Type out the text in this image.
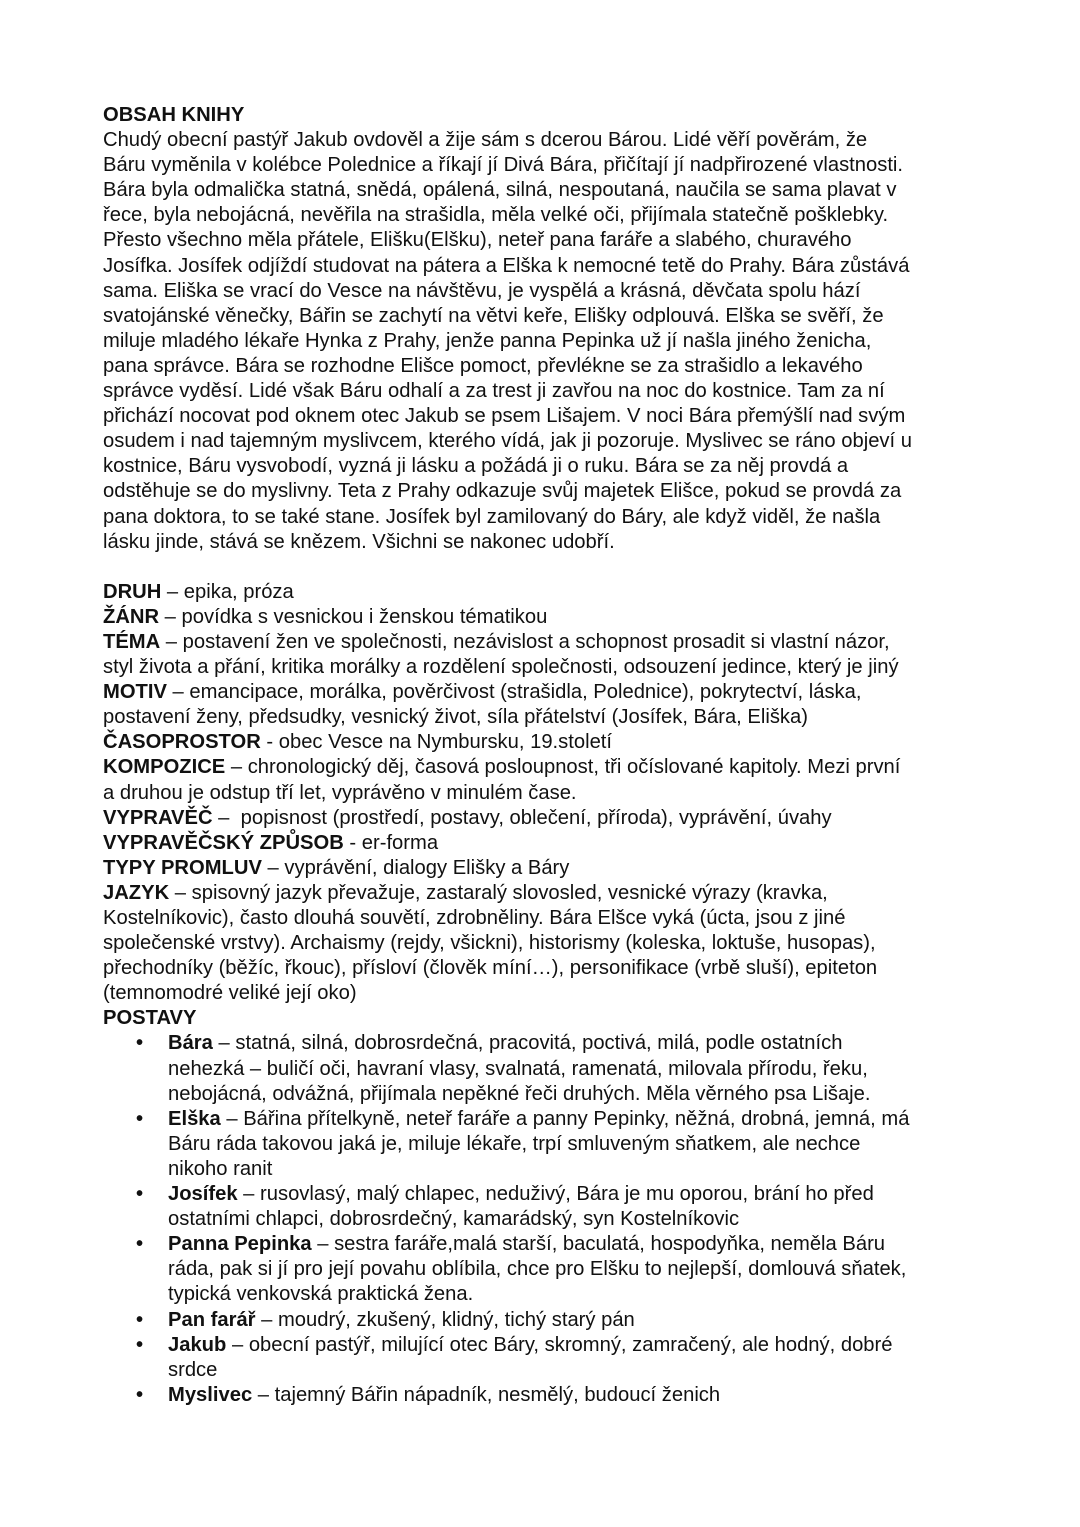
OBSAH KNIHY
Chudý obecní pastýř Jakub ovdověl a žije sám s dcerou Bárou. Lidé věří pověrám, že
Báru vyměnila v kolébce Polednice a říkají jí Divá Bára, přičítají jí nadpřirozené vlastnosti.
Bára byla odmalička statná, snědá, opálená, silná, nespoutaná, naučila se sama plavat v
řece, byla nebojácná, nevěřila na strašidla, měla velké oči, přijímala statečně pošklebky.
Přesto všechno měla přátele, Elišku(Elšku), neteř pana faráře a slabého, churavého
Josífka. Josífek odjíždí studovat na pátera a Elška k nemocné tetě do Prahy. Bára zůstává
sama. Eliška se vrací do Vesce na návštěvu, je vyspělá a krásná, děvčata spolu hází
svatojánské věnečky, Bářin se zachytí na větvi keře, Elišky odplouvá. Elška se svěří, že
miluje mladého lékaře Hynka z Prahy, jenže panna Pepinka už jí našla jiného ženicha,
pana správce. Bára se rozhodne Elišce pomoct, převlékne se za strašidlo a lekavého
správce vyděsí. Lidé však Báru odhalí a za trest ji zavřou na noc do kostnice. Tam za ní
přichází nocovat pod oknem otec Jakub se psem Lišajem. V noci Bára přemýšlí nad svým
osudem i nad tajemným myslivcem, kterého vídá, jak ji pozoruje. Myslivec se ráno objeví u
kostnice, Báru vysvobodí, vyzná ji lásku a požádá ji o ruku. Bára se za něj provdá a
odstěhuje se do myslivny. Teta z Prahy odkazuje svůj majetek Elišce, pokud se provdá za
pana doktora, to se také stane. Josífek byl zamilovaný do Báry, ale když viděl, že našla
lásku jinde, stává se knězem. Všichni se nakonec udobří.
DRUH – epika, próza
ŽÁNR – povídka s vesnickou i ženskou tématikou
TÉMA – postavení žen ve společnosti, nezávislost a schopnost prosadit si vlastní názor,
styl života a přání, kritika morálky a rozdělení společnosti, odsouzení jedince, který je jiný
MOTIV – emancipace, morálka, pověrčivost (strašidla, Polednice), pokrytectví, láska,
postavení ženy, předsudky, vesnický život, síla přátelství (Josífek, Bára, Eliška)
ČASOPROSTOR - obec Vesce na Nymbursku, 19.století
KOMPOZICE – chronologický děj, časová posloupnost, tři očíslované kapitoly. Mezi první
a druhou je odstup tří let, vyprávěno v minulém čase.
VYPRAVĚČ –  popisnost (prostředí, postavy, oblečení, příroda), vyprávění, úvahy
VYPRAVĚČSKÝ ZPŮSOB - er-forma
TYPY PROMLUV – vyprávění, dialogy Elišky a Báry
JAZYK – spisovný jazyk převažuje, zastaralý slovosled, vesnické výrazy (kravka,
Kostelníkovic), často dlouhá souvětí, zdrobněliny. Bára Elšce vyká (úcta, jsou z jiné
společenské vrstvy). Archaismy (rejdy, všickni), historismy (koleska, loktuše, husopas),
přechodníky (běžíc, řkouc), přísloví (člověk míní…), personifikace (vrbě sluší), epiteton
(temnomodré veliké její oko)
POSTAVY
• Bára – statná, silná, dobrosrdečná, pracovitá, poctivá, milá, podle ostatních
nehezká – buličí oči, havraní vlasy, svalnatá, ramenatá, milovala přírodu, řeku,
nebojácná, odvážná, přijímala nepěkné řeči druhých. Měla věrného psa Lišaje.
• Elška – Bářina přítelkyně, neteř faráře a panny Pepinky, něžná, drobná, jemná, má
Báru ráda takovou jaká je, miluje lékaře, trpí smluveným sňatkem, ale nechce
nikoho ranit
• Josífek – rusovlasý, malý chlapec, neduživý, Bára je mu oporou, brání ho před
ostatními chlapci, dobrosrdečný, kamarádský, syn Kostelníkovic
• Panna Pepinka – sestra faráře,malá starší, baculatá, hospodyňka, neměla Báru
ráda, pak si jí pro její povahu oblíbila, chce pro Elšku to nejlepší, domlouvá sňatek,
typická venkovská praktická žena.
• Pan farář – moudrý, zkušený, klidný, tichý starý pán
• Jakub – obecní pastýř, milující otec Báry, skromný, zamračený, ale hodný, dobré
srdce
• Myslivec – tajemný Bářin nápadník, nesmělý, budoucí ženich
